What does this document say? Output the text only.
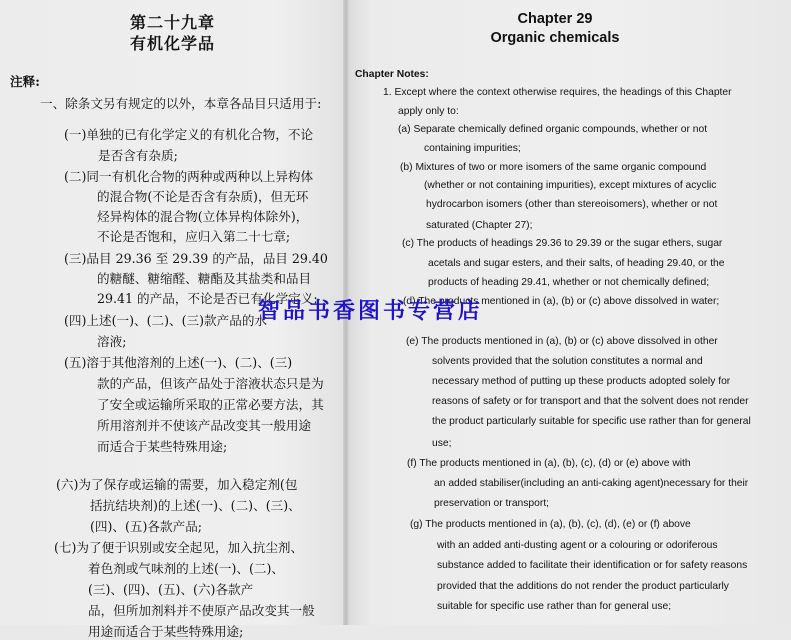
第二十九章
有机化学品
注释:
一、除条文另有规定的以外，本章各品目只适用于:
(一)单独的已有化学定义的有机化合物，不论
是否含有杂质;
(二)同一有机化合物的两种或两种以上异构体
的混合物(不论是否含有杂质)，但无环
烃异构体的混合物(立体异构体除外)，
不论是否饱和，应归入第二十七章;
(三)品目 29.36 至 29.39 的产品，品目 29.40
的糖醚、糖缩醛、糖酯及其盐类和品目
29.41 的产品，不论是否已有化学定义;
(四)上述(一)、(二)、(三)款产品的水
溶液;
(五)溶于其他溶剂的上述(一)、(二)、(三)
款的产品，但该产品处于溶液状态只是为
了安全或运输所采取的正常必要方法，其
所用溶剂并不使该产品改变其一般用途
而适合于某些特殊用途;
(六)为了保存或运输的需要，加入稳定剂(包
括抗结块剂)的上述(一)、(二)、(三)、
(四)、(五)各款产品;
(七)为了便于识别或安全起见，加入抗尘剂、
着色剂或气味剂的上述(一)、(二)、
(三)、(四)、(五)、(六)各款产
品，但所加剂料并不使原产品改变其一般
用途而适合于某些特殊用途;
Chapter 29
Organic chemicals
Chapter Notes:
1. Except where the context otherwise requires, the headings of this Chapter
apply only to:
(a) Separate chemically defined organic compounds, whether or not
containing impurities;
(b) Mixtures of two or more isomers of the same organic compound
(whether or not containing impurities), except mixtures of acyclic
hydrocarbon isomers (other than stereoisomers), whether or not
saturated (Chapter 27);
(c) The products of headings 29.36 to 29.39 or the sugar ethers, sugar
acetals and sugar esters, and their salts, of heading 29.40, or the
products of heading 29.41, whether or not chemically defined;
(d) The products mentioned in (a), (b) or (c) above dissolved in water;
(e) The products mentioned in (a), (b) or (c) above dissolved in other
solvents provided that the solution constitutes a normal and
necessary method of putting up these products adopted solely for
reasons of safety or for transport and that the solvent does not render
the product particularly suitable for specific use rather than for general
use;
(f) The products mentioned in (a), (b), (c), (d) or (e) above with
an added stabiliser(including an anti-caking agent)necessary for their
preservation or transport;
(g) The products mentioned in (a), (b), (c), (d), (e) or (f) above
with an added anti-dusting agent or a colouring or odoriferous
substance added to facilitate their identification or for safety reasons
provided that the additions do not render the product particularly
suitable for specific use rather than for general use;
智品书香图书专营店
